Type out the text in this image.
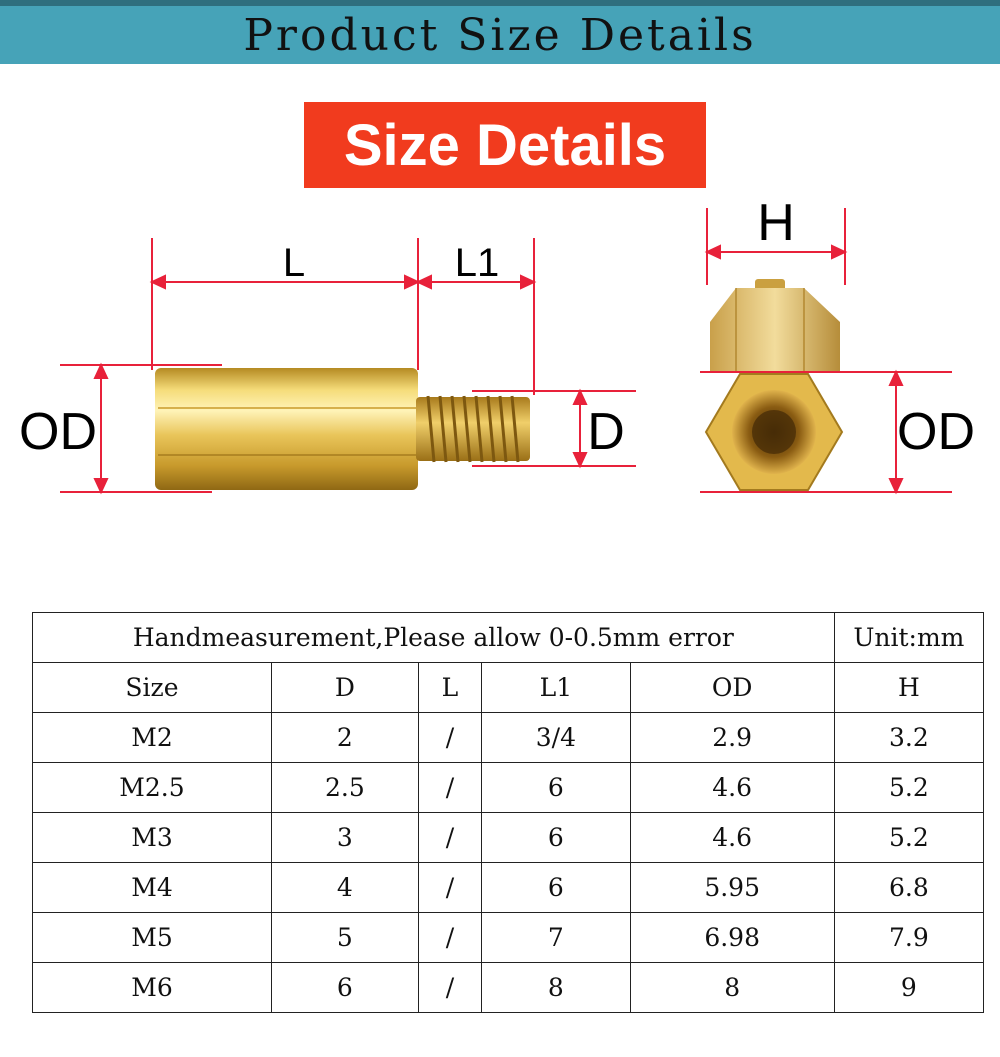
Product Size Details
Size Details
L	L1
OD	D
H
OD
Handmeasurement,Please allow 0-0.5mm error					Unit:mm
Size	D	L	L1	OD	H
M2	2	/	3/4	2.9	3.2
M2.5	2.5	/	6	4.6	5.2
M3	3	/	6	4.6	5.2
M4	4	/	6	5.95	6.8
M5	5	/	7	6.98	7.9
M6	6	/	8	8	9
